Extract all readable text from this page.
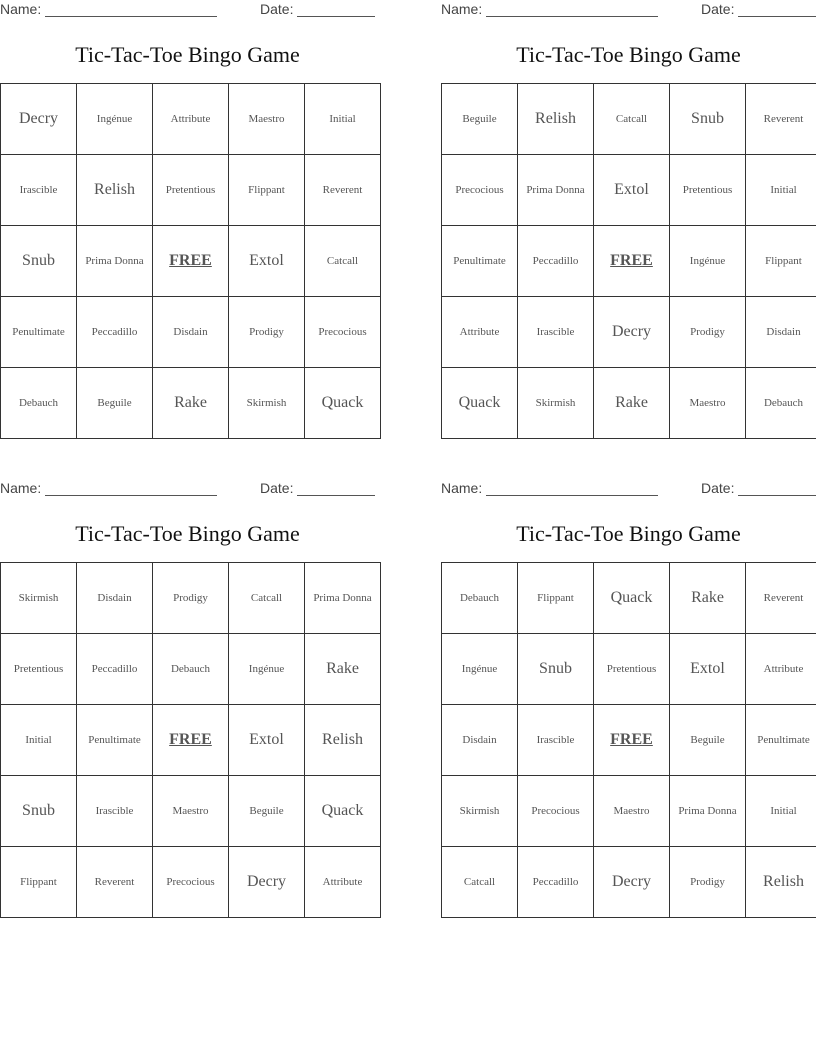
Name:	Date:
Tic-Tac-Toe Bingo Game
Decry	Ingénue	Attribute	Maestro	Initial
Irascible	Relish	Pretentious	Flippant	Reverent
Snub	Prima Donna	FREE	Extol	Catcall
Penultimate	Peccadillo	Disdain	Prodigy	Precocious
Debauch	Beguile	Rake	Skirmish	Quack
Name:	Date:
Tic-Tac-Toe Bingo Game
Beguile	Relish	Catcall	Snub	Reverent
Precocious	Prima Donna	Extol	Pretentious	Initial
Penultimate	Peccadillo	FREE	Ingénue	Flippant
Attribute	Irascible	Decry	Prodigy	Disdain
Quack	Skirmish	Rake	Maestro	Debauch
Name:	Date:
Tic-Tac-Toe Bingo Game
Skirmish	Disdain	Prodigy	Catcall	Prima Donna
Pretentious	Peccadillo	Debauch	Ingénue	Rake
Initial	Penultimate	FREE	Extol	Relish
Snub	Irascible	Maestro	Beguile	Quack
Flippant	Reverent	Precocious	Decry	Attribute
Name:	Date:
Tic-Tac-Toe Bingo Game
Debauch	Flippant	Quack	Rake	Reverent
Ingénue	Snub	Pretentious	Extol	Attribute
Disdain	Irascible	FREE	Beguile	Penultimate
Skirmish	Precocious	Maestro	Prima Donna	Initial
Catcall	Peccadillo	Decry	Prodigy	Relish
